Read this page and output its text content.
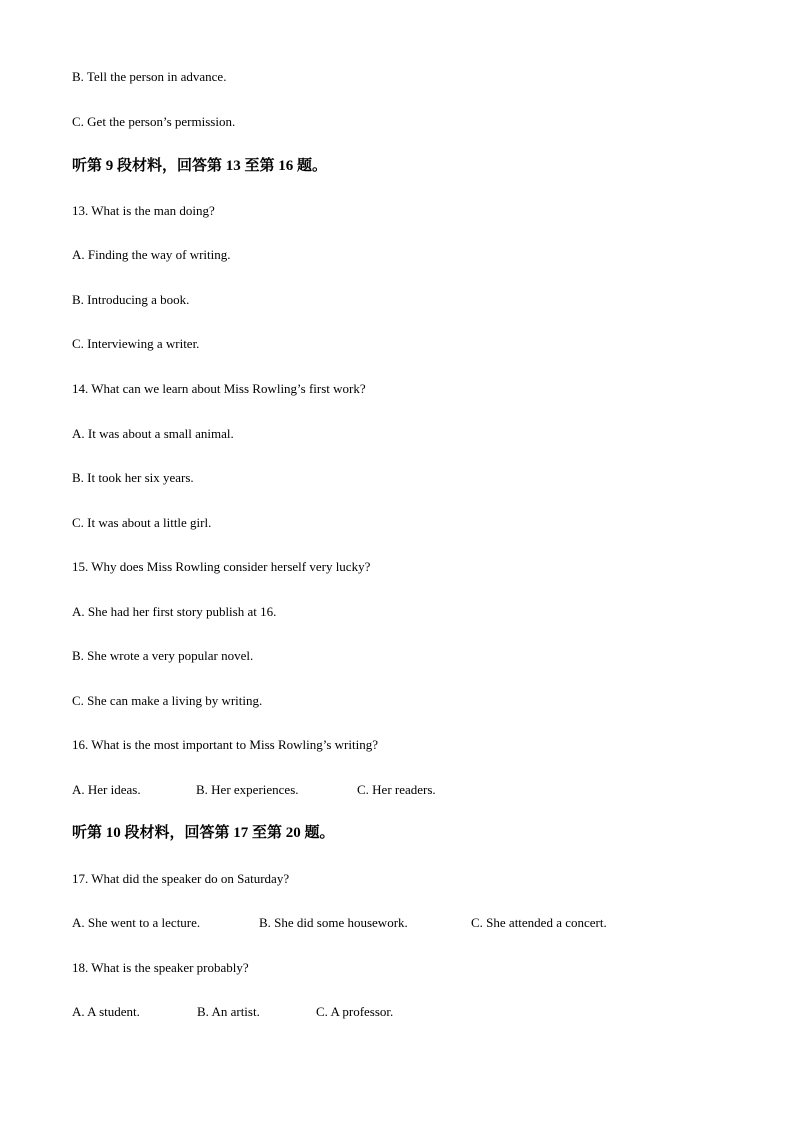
B. Tell the person in advance.
C. Get the person’s permission.
听第 9 段材料，回答第 13 至第 16 题。
13. What is the man doing?
A. Finding the way of writing.
B. Introducing a book.
C. Interviewing a writer.
14. What can we learn about Miss Rowling’s first work?
A. It was about a small animal.
B. It took her six years.
C. It was about a little girl.
15. Why does Miss Rowling consider herself very lucky?
A. She had her first story publish at 16.
B. She wrote a very popular novel.
C. She can make a living by writing.
16. What is the most important to Miss Rowling’s writing?
A. Her ideas.	B. Her experiences.	C. Her readers.
听第 10 段材料，回答第 17 至第 20 题。
17. What did the speaker do on Saturday?
A. She went to a lecture.	B. She did some housework.	C. She attended a concert.
18. What is the speaker probably?
A. A student.	B. An artist.	C. A professor.
